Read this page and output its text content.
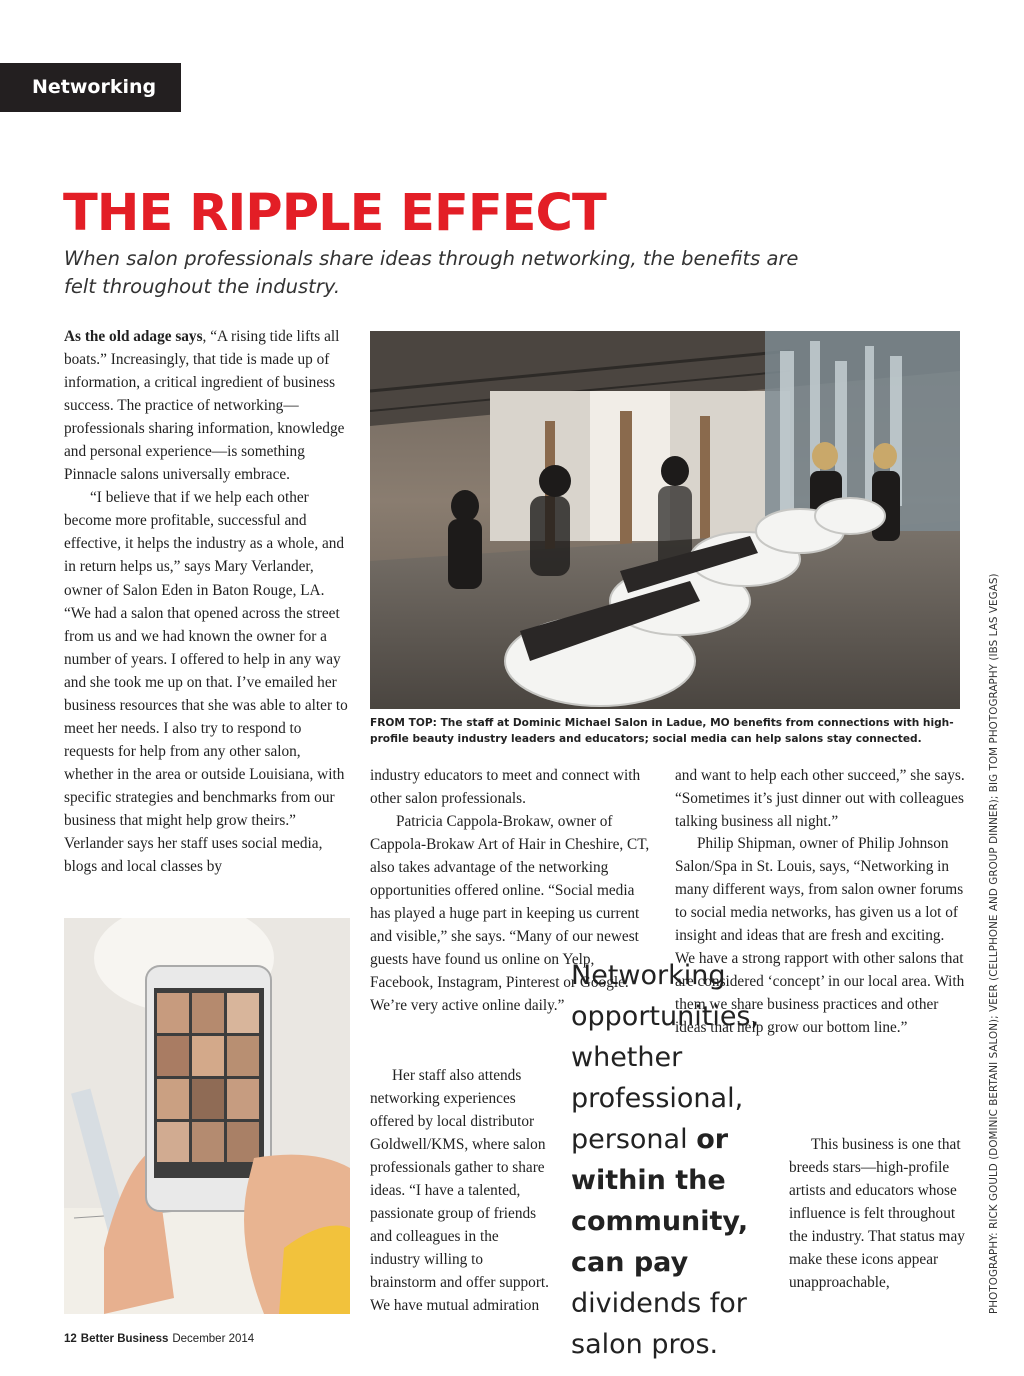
Networking
THE RIPPLE EFFECT
When salon professionals share ideas through networking, the benefits are felt throughout the industry.

As the old adage says, “A rising tide lifts all boats.” Increasingly, that tide is made up of information, a critical ingredient of business success. The practice of networking—professionals sharing information, knowledge and personal experience—is something Pinnacle salons universally embrace.

“I believe that if we help each other become more profitable, successful and effective, it helps the industry as a whole, and in return helps us,” says Mary Verlander, owner of Salon Eden in Baton Rouge, LA. “We had a salon that opened across the street from us and we had known the owner for a number of years. I offered to help in any way and she took me up on that. I’ve emailed her business resources that she was able to alter to meet her needs. I also try to respond to requests for help from any other salon, whether in the area or outside Louisiana, with specific strategies and benchmarks from our business that might help grow theirs.” Verlander says her staff uses social media, blogs and local classes by

FROM TOP: The staff at Dominic Michael Salon in Ladue, MO benefits from connections with high-profile beauty industry leaders and educators; social media can help salons stay connected.

industry educators to meet and connect with other salon professionals.

Patricia Cappola-Brokaw, owner of Cappola-Brokaw Art of Hair in Cheshire, CT, also takes advantage of the networking opportunities offered online. “Social media has played a huge part in keeping us current and visible,” she says. “Many of our newest guests have found us online on Yelp, Facebook, Instagram, Pinterest or Google. We’re very active online daily.”

and want to help each other succeed,” she says. “Sometimes it’s just dinner out with colleagues talking business all night.”

Networking opportunities, whether professional, personal or within the community, can pay dividends for salon pros.
PHOTOGRAPHY: RICK GOULD (DOMINIC BERTANI SALON); VEER (CELLPHONE AND GROUP DINNER); BIG TOM PHOTOGRAPHY (IBS LAS VEGAS)
12 Better Business December 2014

Her staff also attends networking experiences offered by local distributor Goldwell/KMS, where salon professionals gather to share ideas. “I have a talented, passionate group of friends and colleagues in the industry willing to brainstorm and offer support. We have mutual admiration

Philip Shipman, owner of Philip Johnson Salon/Spa in St. Louis, says, “Networking in many different ways, from salon owner forums to social media networks, has given us a lot of insight and ideas that are fresh and exciting. We have a strong rapport with other salons that are considered ‘concept’ in our local area. With them we share business practices and other ideas that help grow our bottom line.”

This business is one that breeds stars—high-profile artists and educators whose influence is felt throughout the industry. That status may make these icons appear unapproachable,
